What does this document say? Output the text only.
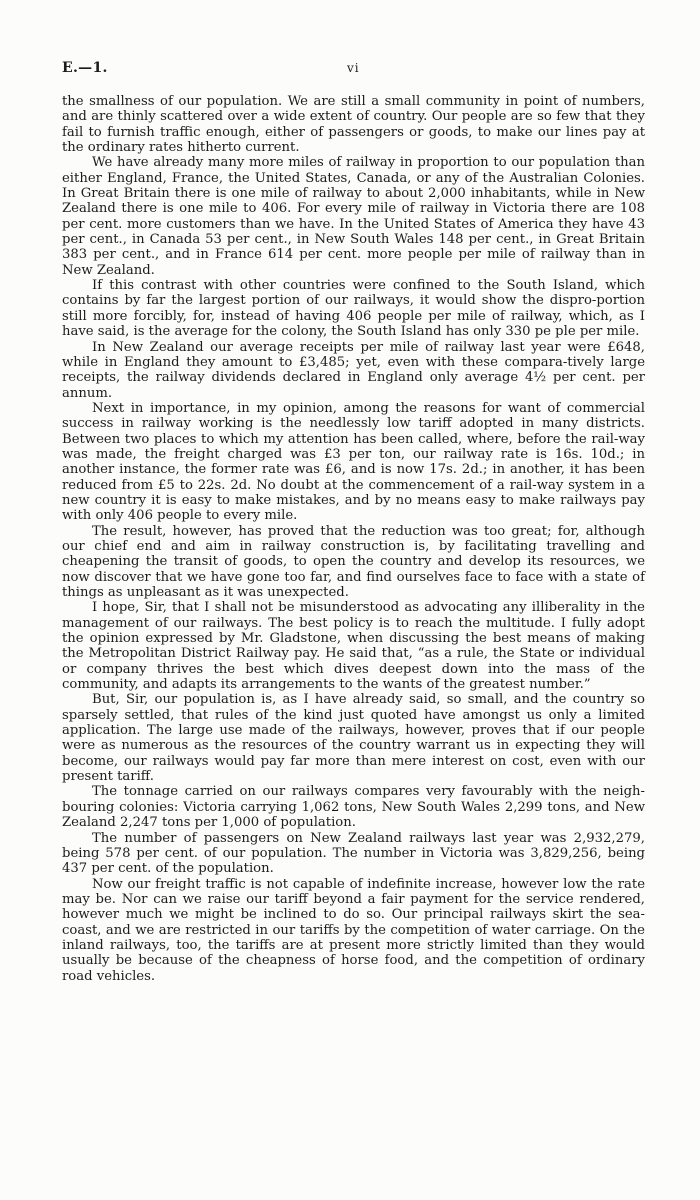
E.—1.	vi

the smallness of our population. We are still a small community in point of numbers, and are thinly scattered over a wide extent of country. Our people are so few that they fail to furnish traffic enough, either of passengers or goods, to make our lines pay at the ordinary rates hitherto current.

We have already many more miles of railway in proportion to our population than either England, France, the United States, Canada, or any of the Australian Colonies. In Great Britain there is one mile of railway to about 2,000 inhabitants, while in New Zealand there is one mile to 406. For every mile of railway in Victoria there are 108 per cent. more customers than we have. In the United States of America they have 43 per cent., in Canada 53 per cent., in New South Wales 148 per cent., in Great Britain 383 per cent., and in France 614 per cent. more people per mile of railway than in New Zealand.

If this contrast with other countries were confined to the South Island, which contains by far the largest portion of our railways, it would show the dispro-portion still more forcibly, for, instead of having 406 people per mile of railway, which, as I have said, is the average for the colony, the South Island has only 330 pe ple per mile.

In New Zealand our average receipts per mile of railway last year were £648, while in England they amount to £3,485; yet, even with these compara-tively large receipts, the railway dividends declared in England only average 4½ per cent. per annum.

Next in importance, in my opinion, among the reasons for want of commercial success in railway working is the needlessly low tariff adopted in many districts. Between two places to which my attention has been called, where, before the rail-way was made, the freight charged was £3 per ton, our railway rate is 16s. 10d.; in another instance, the former rate was £6, and is now 17s. 2d.; in another, it has been reduced from £5 to 22s. 2d. No doubt at the commencement of a rail-way system in a new country it is easy to make mistakes, and by no means easy to make railways pay with only 406 people to every mile.

The result, however, has proved that the reduction was too great; for, although our chief end and aim in railway construction is, by facilitating travelling and cheapening the transit of goods, to open the country and develop its resources, we now discover that we have gone too far, and find ourselves face to face with a state of things as unpleasant as it was unexpected.

I hope, Sir, that I shall not be misunderstood as advocating any illiberality in the management of our railways. The best policy is to reach the multitude. I fully adopt the opinion expressed by Mr. Gladstone, when discussing the best means of making the Metropolitan District Railway pay. He said that, “as a rule, the State or individual or company thrives the best which dives deepest down into the mass of the community, and adapts its arrangements to the wants of the greatest number.”

But, Sir, our population is, as I have already said, so small, and the country so sparsely settled, that rules of the kind just quoted have amongst us only a limited application. The large use made of the railways, however, proves that if our people were as numerous as the resources of the country warrant us in expecting they will become, our railways would pay far more than mere interest on cost, even with our present tariff.

The tonnage carried on our railways compares very favourably with the neigh-bouring colonies: Victoria carrying 1,062 tons, New South Wales 2,299 tons, and New Zealand 2,247 tons per 1,000 of population.

The number of passengers on New Zealand railways last year was 2,932,279, being 578 per cent. of our population. The number in Victoria was 3,829,256, being 437 per cent. of the population.

Now our freight traffic is not capable of indefinite increase, however low the rate may be. Nor can we raise our tariff beyond a fair payment for the service rendered, however much we might be inclined to do so. Our principal railways skirt the sea-coast, and we are restricted in our tariffs by the competition of water carriage. On the inland railways, too, the tariffs are at present more strictly limited than they would usually be because of the cheapness of horse food, and the competition of ordinary road vehicles.
